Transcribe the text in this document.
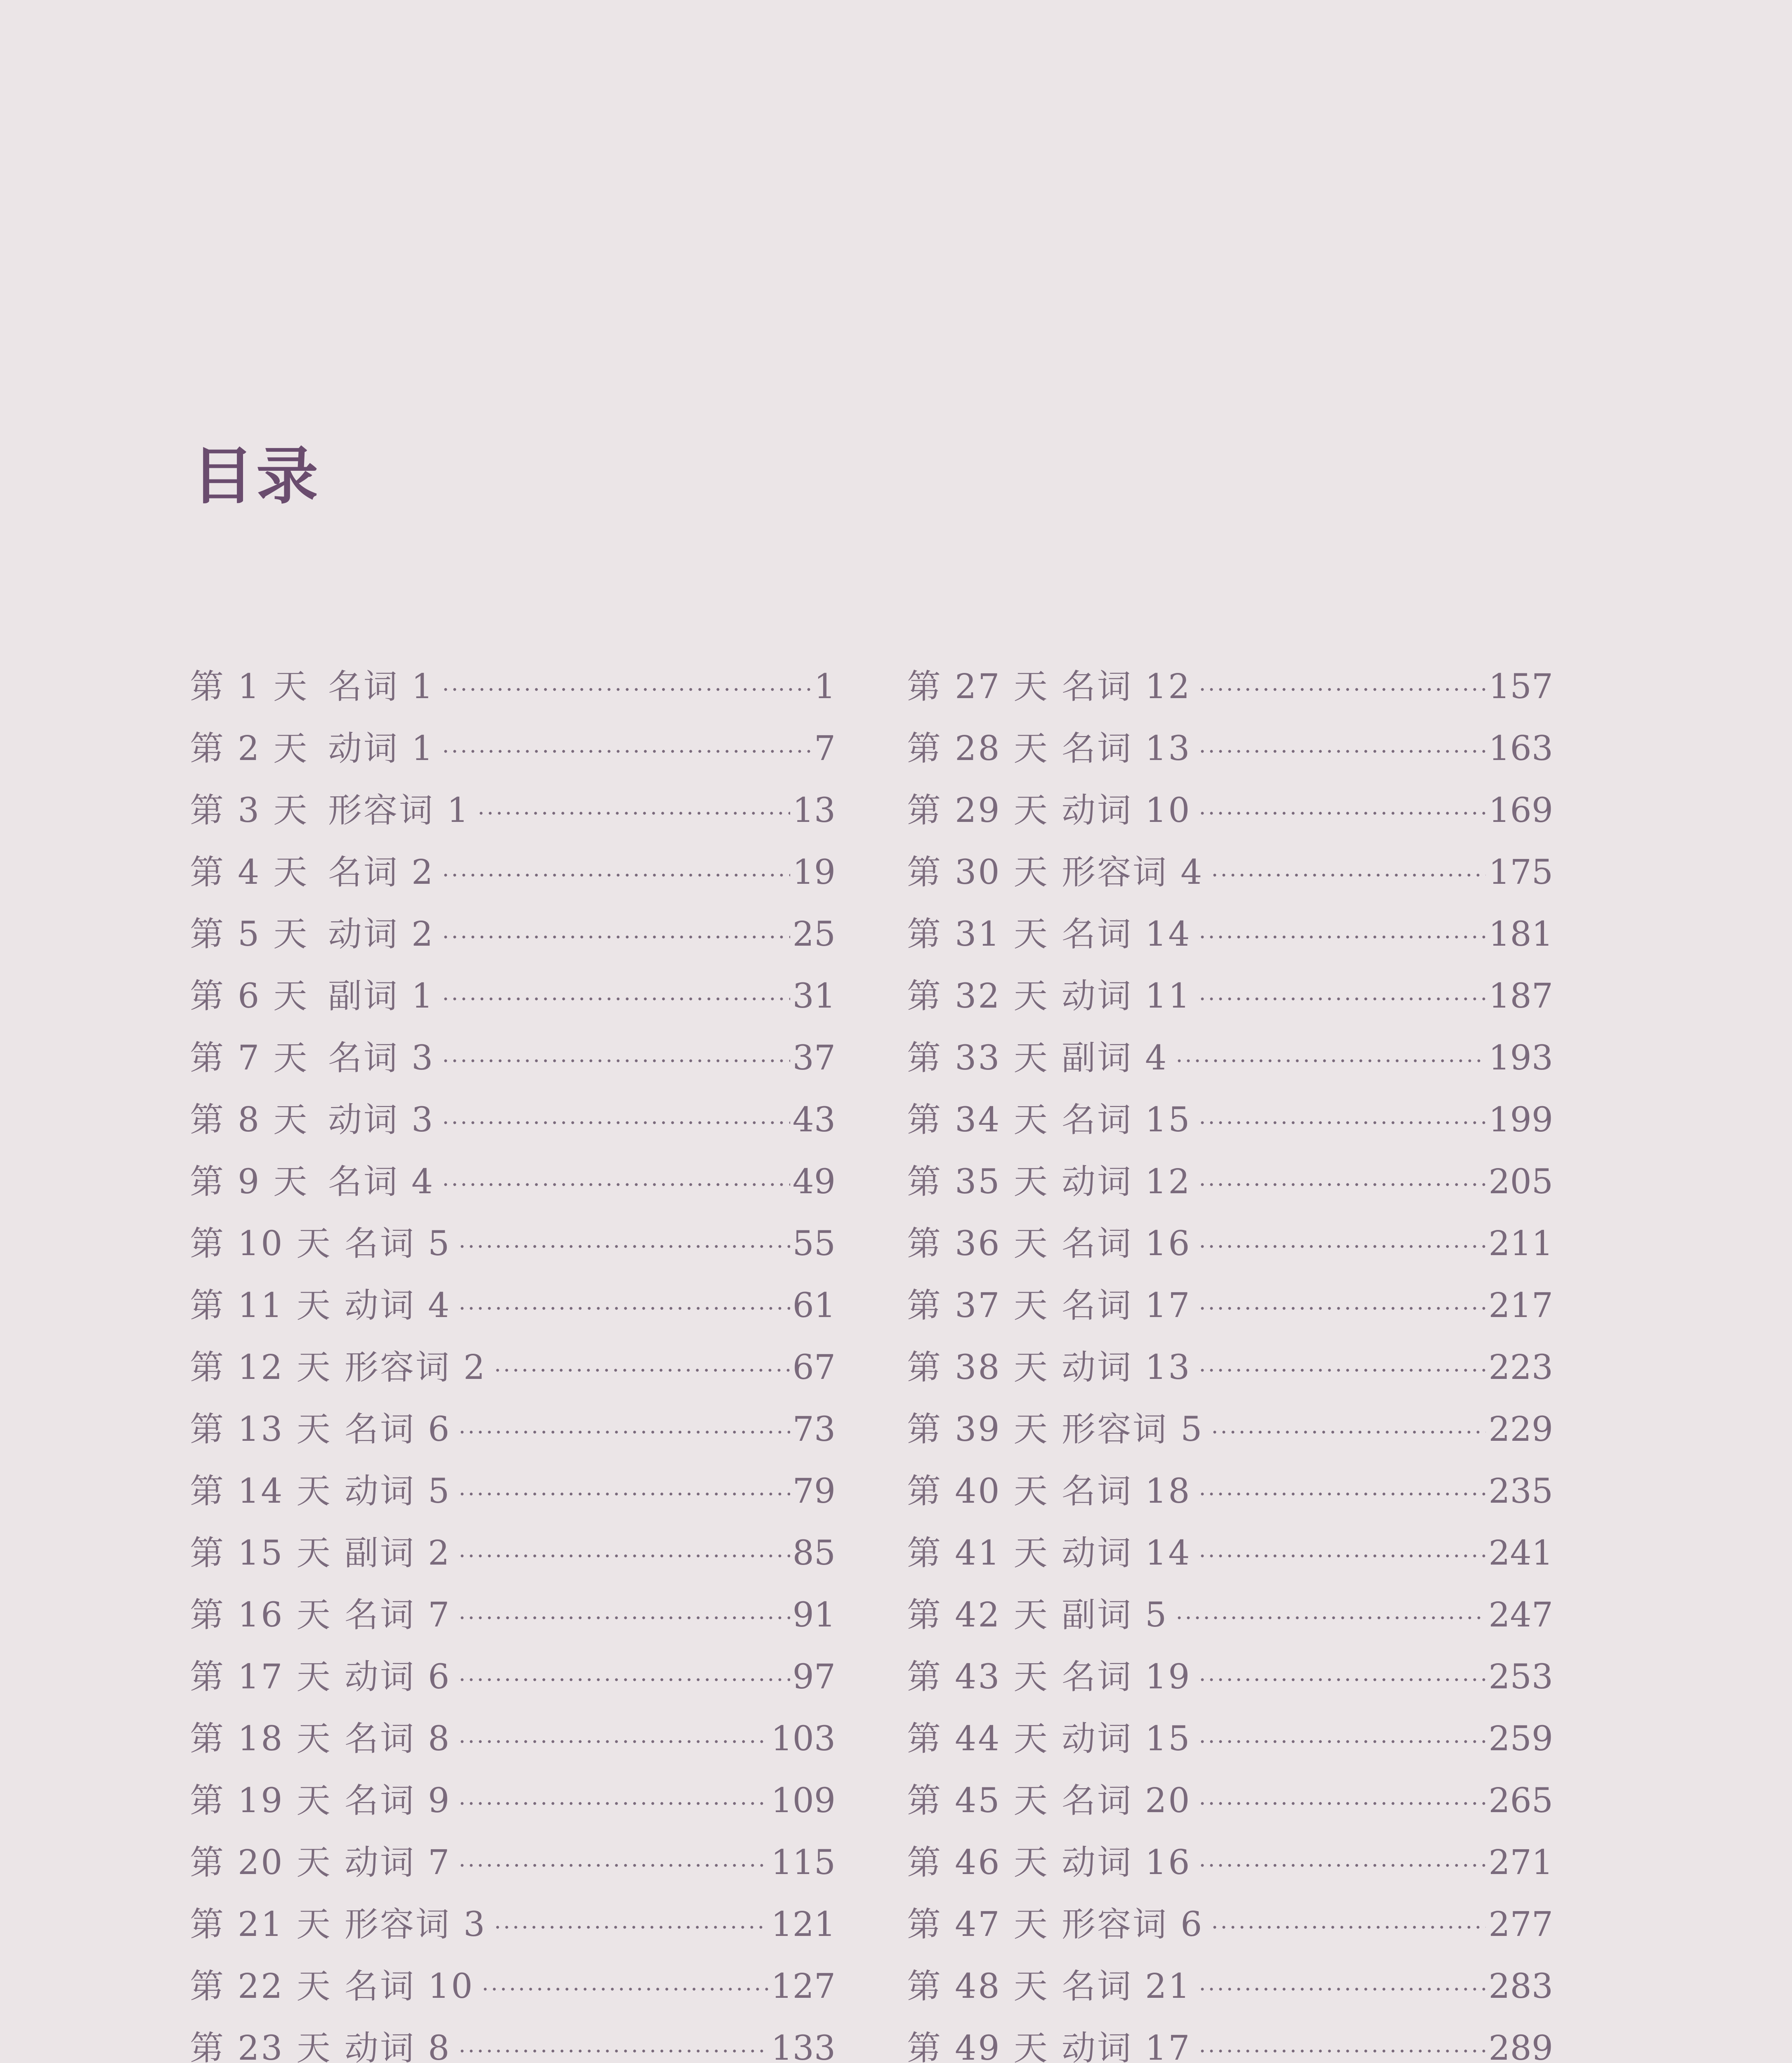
目录
第 1 天 名词 1	1
第 2 天 动词 1	7
第 3 天 形容词 1	13
第 4 天 名词 2	19
第 5 天 动词 2	25
第 6 天 副词 1	31
第 7 天 名词 3	37
第 8 天 动词 3	43
第 9 天 名词 4	49
第 10 天 名词 5	55
第 11 天 动词 4	61
第 12 天 形容词 2	67
第 13 天 名词 6	73
第 14 天 动词 5	79
第 15 天 副词 2	85
第 16 天 名词 7	91
第 17 天 动词 6	97
第 18 天 名词 8	103
第 19 天 名词 9	109
第 20 天 动词 7	115
第 21 天 形容词 3	121
第 22 天 名词 10	127
第 23 天 动词 8	133
第 27 天 名词 12	157
第 28 天 名词 13	163
第 29 天 动词 10	169
第 30 天 形容词 4	175
第 31 天 名词 14	181
第 32 天 动词 11	187
第 33 天 副词 4	193
第 34 天 名词 15	199
第 35 天 动词 12	205
第 36 天 名词 16	211
第 37 天 名词 17	217
第 38 天 动词 13	223
第 39 天 形容词 5	229
第 40 天 名词 18	235
第 41 天 动词 14	241
第 42 天 副词 5	247
第 43 天 名词 19	253
第 44 天 动词 15	259
第 45 天 名词 20	265
第 46 天 动词 16	271
第 47 天 形容词 6	277
第 48 天 名词 21	283
第 49 天 动词 17	289
